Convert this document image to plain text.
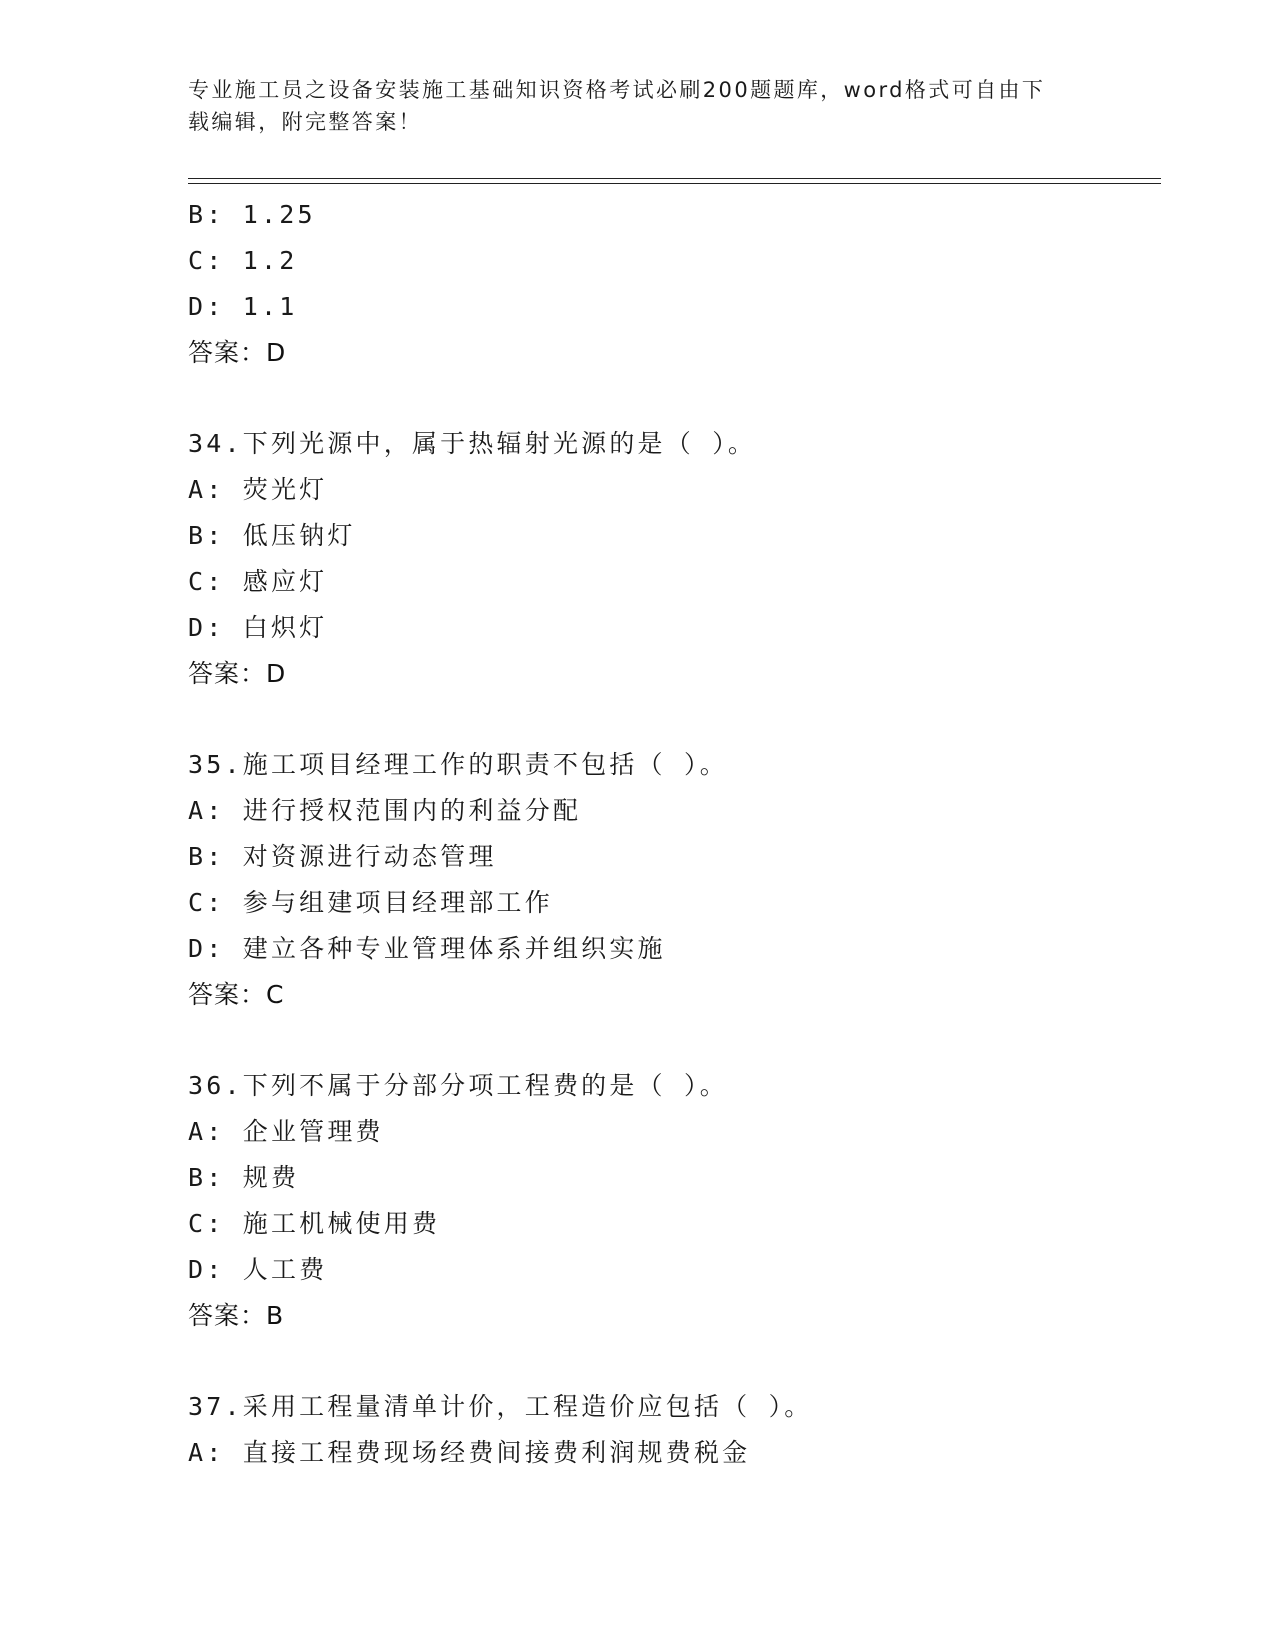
专业施工员之设备安装施工基础知识资格考试必刷200题题库，word格式可自由下载编辑，附完整答案！
B: 1.25
C: 1.2
D: 1.1
答案：D
34.下列光源中，属于热辐射光源的是（ ）。
A: 荧光灯
B: 低压钠灯
C: 感应灯
D: 白炽灯
答案：D
35.施工项目经理工作的职责不包括（ ）。
A: 进行授权范围内的利益分配
B: 对资源进行动态管理
C: 参与组建项目经理部工作
D: 建立各种专业管理体系并组织实施
答案：C
36.下列不属于分部分项工程费的是（ ）。
A: 企业管理费
B: 规费
C: 施工机械使用费
D: 人工费
答案：B
37.采用工程量清单计价，工程造价应包括（ ）。
A: 直接工程费现场经费间接费利润规费税金
